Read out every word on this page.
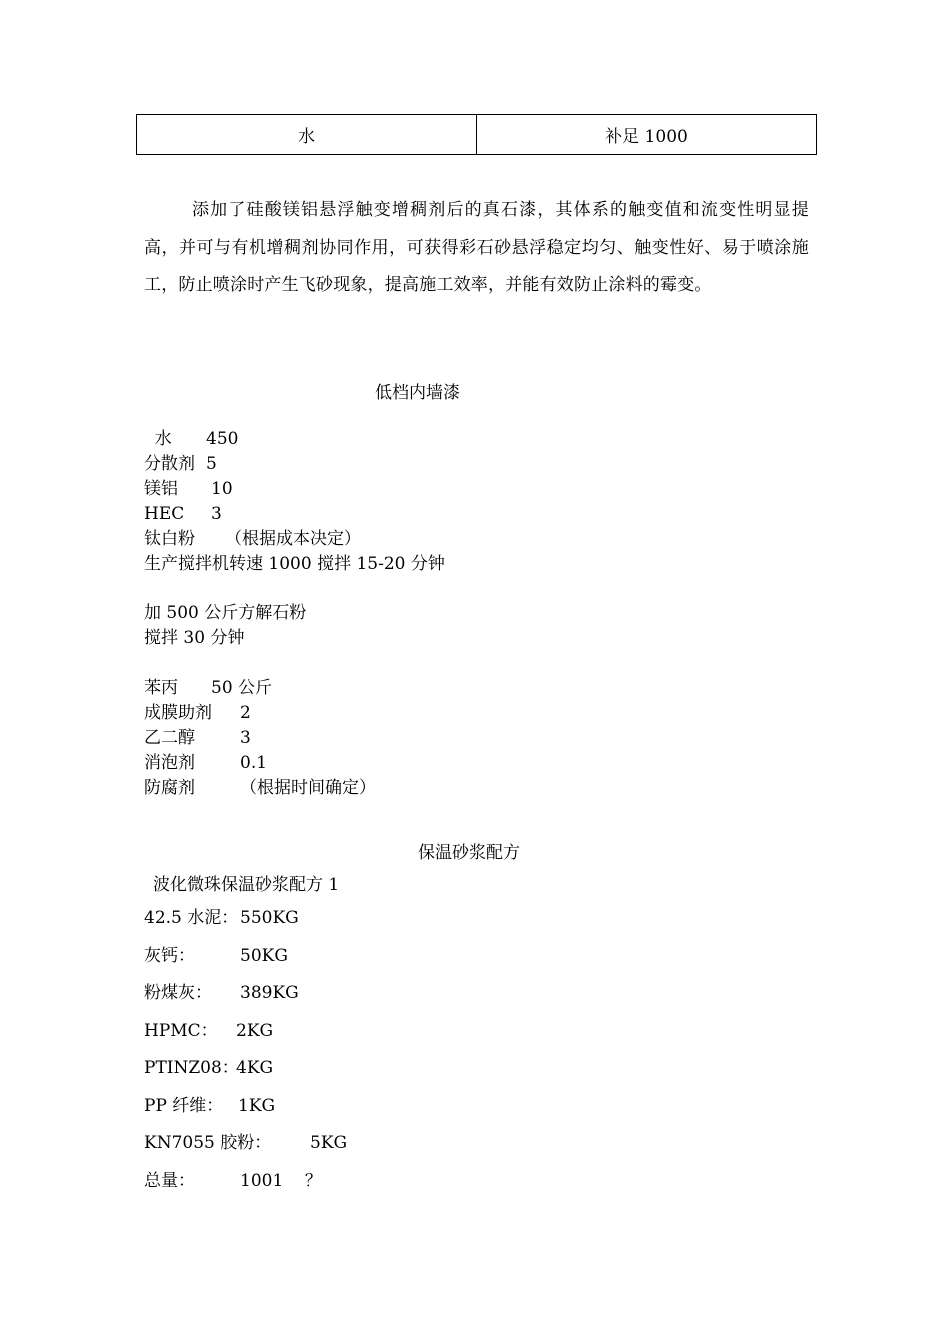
水	补足 1000
添加了硅酸镁铝悬浮触变增稠剂后的真石漆，其体系的触变值和流变性明显提高，并可与有机增稠剂协同作用，可获得彩石砂悬浮稳定均匀、触变性好、易于喷涂施工，防止喷涂时产生飞砂现象，提高施工效率，并能有效防止涂料的霉变。
低档内墙漆
水 450
分散剂 5
镁铝 10
HEC 3
钛白粉 （根据成本决定）
生产搅拌机转速 1000 搅拌 15-20 分钟
加 500 公斤方解石粉
搅拌 30 分钟
苯丙 50 公斤
成膜助剂 2
乙二醇	3
消泡剂	0.1
防腐剂	（根据时间确定）
保温砂浆配方
波化微珠保温砂浆配方 1
42.5 水泥： 550KG
灰钙：	50KG
粉煤灰： 389KG
HPMC： 2KG
PTINZ08：4KG
PP 纤维： 1KG
KN7055 胶粉： 5KG
总量：	1001    ？
